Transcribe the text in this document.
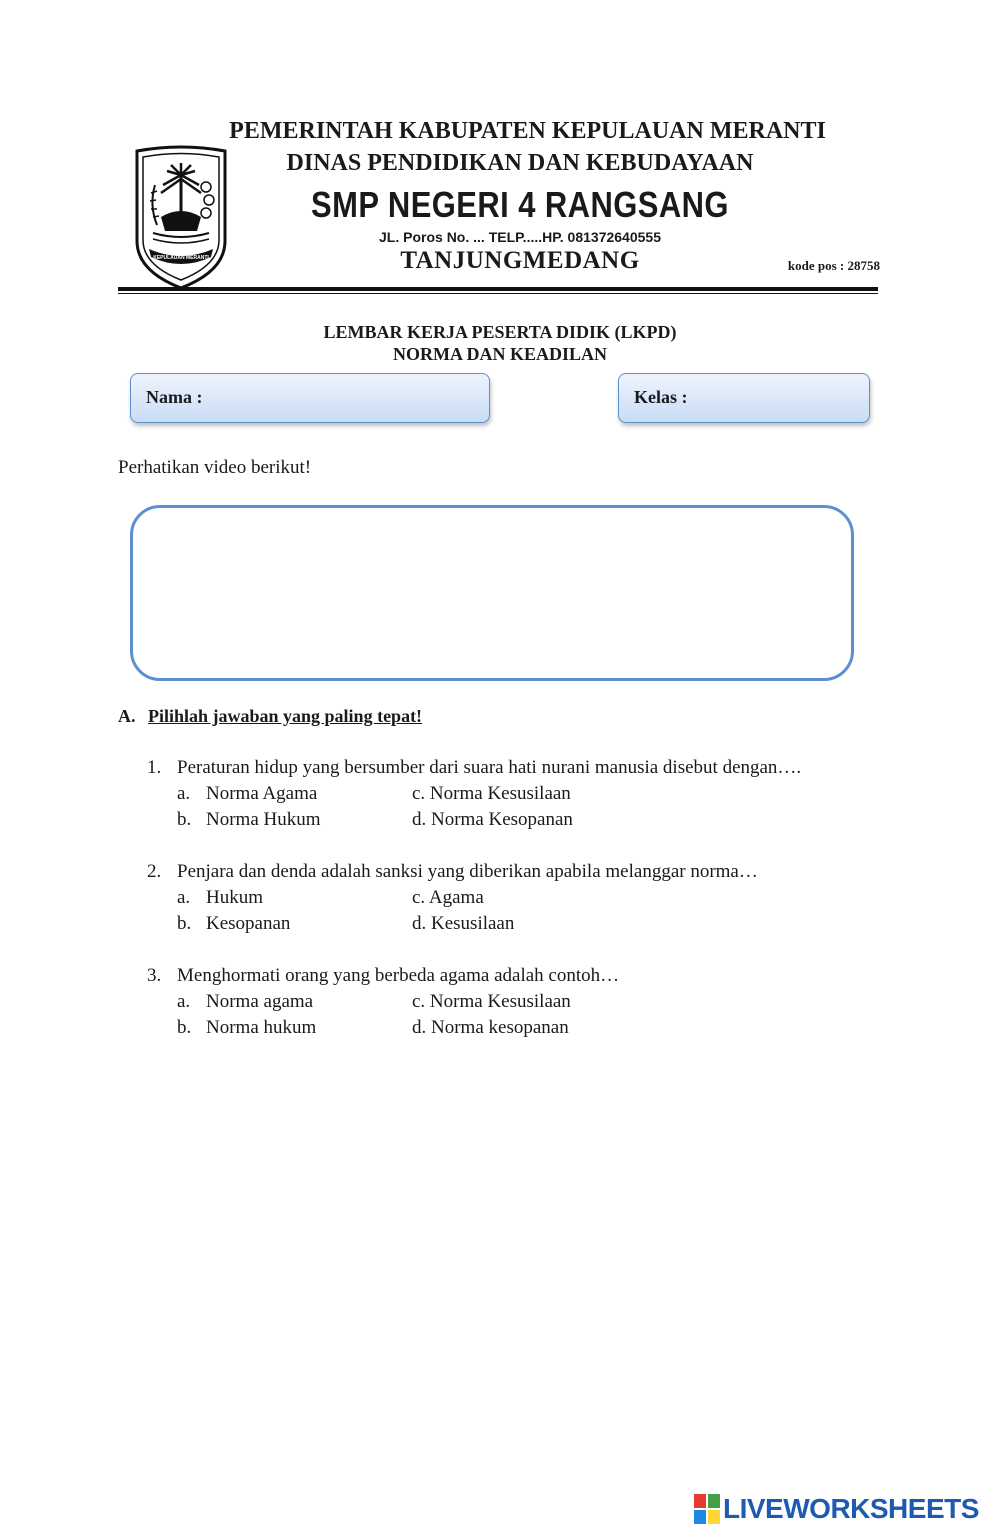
KEPULAUAN MERANTI
PEMERINTAH KABUPATEN KEPULAUAN MERANTI
DINAS PENDIDIKAN DAN KEBUDAYAAN
SMP NEGERI 4 RANGSANG
JL. Poros No. ... TELP.....HP. 081372640555
TANJUNGMEDANG	kode pos : 28758
LEMBAR KERJA PESERTA DIDIK (LKPD)
NORMA DAN KEADILAN
Nama :	Kelas :
Perhatikan video berikut!
A. Pilihlah jawaban yang paling tepat!
1. Peraturan hidup yang bersumber dari suara hati nurani manusia disebut dengan….
a. Norma Agama
b. Norma Hukum
c. Norma Kesusilaan
d. Norma Kesopanan
2. Penjara dan denda adalah sanksi yang diberikan apabila melanggar norma…
a. Hukum
b. Kesopanan
c. Agama
d. Kesusilaan
3. Menghormati orang yang berbeda agama adalah contoh…
a. Norma agama
b. Norma hukum
c. Norma Kesusilaan
d. Norma kesopanan
LIVEWORKSHEETS
